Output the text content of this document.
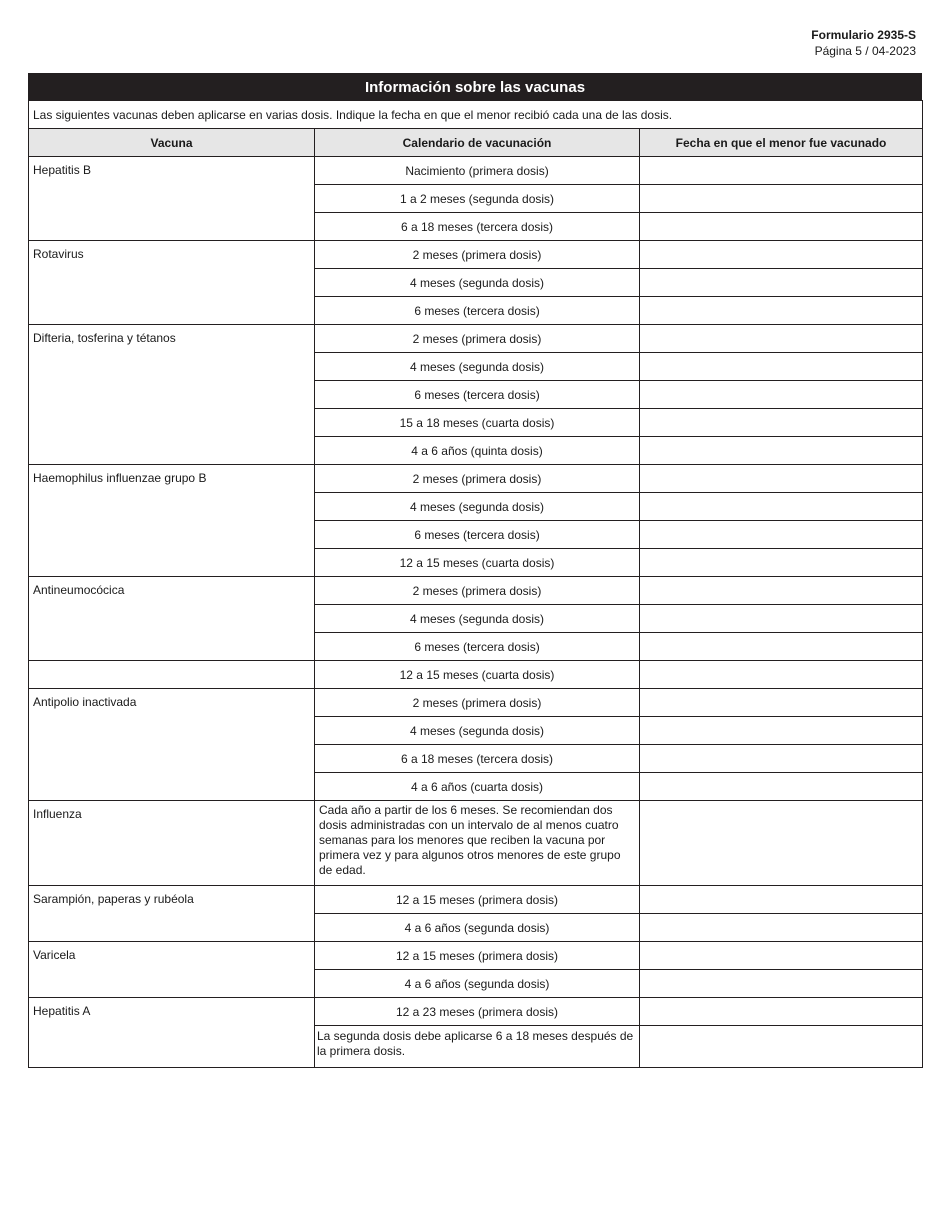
Formulario 2935-S
Página 5 / 04-2023
Información sobre las vacunas
Las siguientes vacunas deben aplicarse en varias dosis. Indique la fecha en que el menor recibió cada una de las dosis.		
Vacuna	Calendario de vacunación	Fecha en que el menor fue vacunado
Hepatitis B	Nacimiento (primera dosis)	
	1 a 2 meses (segunda dosis)	
	6 a 18 meses (tercera dosis)	
Rotavirus	2 meses (primera dosis)	
	4 meses (segunda dosis)	
	6 meses (tercera dosis)	
Difteria, tosferina y tétanos	2 meses (primera dosis)	
	4 meses (segunda dosis)	
	6 meses (tercera dosis)	
	15 a 18 meses (cuarta dosis)	
	4 a 6 años (quinta dosis)	
Haemophilus influenzae grupo B	2 meses (primera dosis)	
	4 meses (segunda dosis)	
	6 meses (tercera dosis)	
	12 a 15 meses (cuarta dosis)	
Antineumocócica	2 meses (primera dosis)	
	4 meses (segunda dosis)	
	6 meses (tercera dosis)	
	12 a 15 meses (cuarta dosis)	
Antipolio inactivada	2 meses (primera dosis)	
	4 meses (segunda dosis)	
	6 a 18 meses (tercera dosis)	
	4 a 6 años (cuarta dosis)	
Influenza	Cada año a partir de los 6 meses. Se recomiendan dos dosis administradas con un intervalo de al menos cuatro semanas para los menores que reciben la vacuna por primera vez y para algunos otros menores de este grupo de edad.	
Sarampión, paperas y rubéola	12 a 15 meses (primera dosis)	
	4 a 6 años (segunda dosis)	
Varicela	12 a 15 meses (primera dosis)	
	4 a 6 años (segunda dosis)	
Hepatitis A	12 a 23 meses (primera dosis)	
	La segunda dosis debe aplicarse 6 a 18 meses después de la primera dosis.	
